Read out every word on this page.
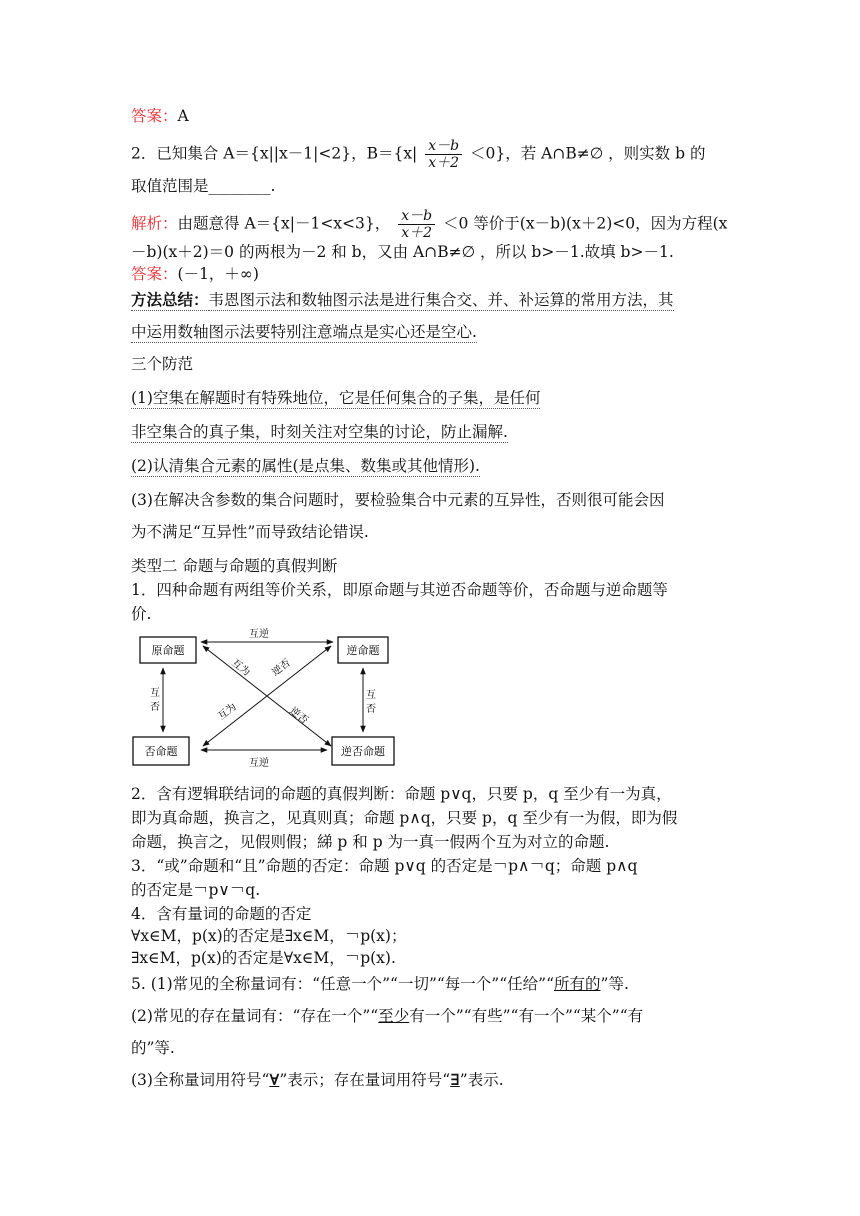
答案：A
2．已知集合 A＝{x||x－1|<2}，$B=\{x| \frac{x-b}{x+2} <0\}$，若 A∩B≠∅ ，则实数 b 的
取值范围是________.
解析：由题意得 A＝{x|－1<x<3}， $\frac{x-b}{x+2} <0$ 等价于(x－b)(x＋2)<0，因为方程(x
－b)(x＋2)＝0 的两根为－2 和 b，又由 A∩B≠∅ ，所以 b>－1.故填 b>－1.
答案：(－1，＋∞)
方法总结：韦恩图示法和数轴图示法是进行集合交、并、补运算的常用方法，其
中运用数轴图示法要特别注意端点是实心还是空心.
三个防范
(1)空集在解题时有特殊地位，它是任何集合的子集，是任何
非空集合的真子集，时刻关注对空集的讨论，防止漏解.
(2)认清集合元素的属性(是点集、数集或其他情形).
(3)在解决含参数的集合问题时，要检验集合中元素的互异性，否则很可能会因
为不满足“互异性”而导致结论错误.
类型二 命题与命题的真假判断
1．四种命题有两组等价关系，即原命题与其逆否命题等价，否命题与逆命题等
价.
原命题	逆命题
否命题	逆否命题
互逆
互逆
互
否
互
否
互为 逆否
互为	逆否
2．含有逻辑联结词的命题的真假判断：命题 p∨q，只要 p，q 至少有一为真，
即为真命题，换言之，见真则真；命题 p∧q，只要 p，q 至少有一为假，即为假
命题，换言之，见假则假；綈 p 和 p 为一真一假两个互为对立的命题.
3．“或”命题和“且”命题的否定：命题 p∨q 的否定是￢p∧￢q；命题 p∧q
的否定是￢p∨￢q.
4．含有量词的命题的否定
∀x∈M，p(x)的否定是∃x∈M，￢p(x)；
∃x∈M，p(x)的否定是∀x∈M，￢p(x).
5. (1)常见的全称量词有：“任意一个”“一切”“每一个”“任给”“所有的”等.
(2)常见的存在量词有：“存在一个”“至少有一个”“有些”“有一个”“某个”“有
的”等.
(3)全称量词用符号“∀”表示；存在量词用符号“∃”表示.
